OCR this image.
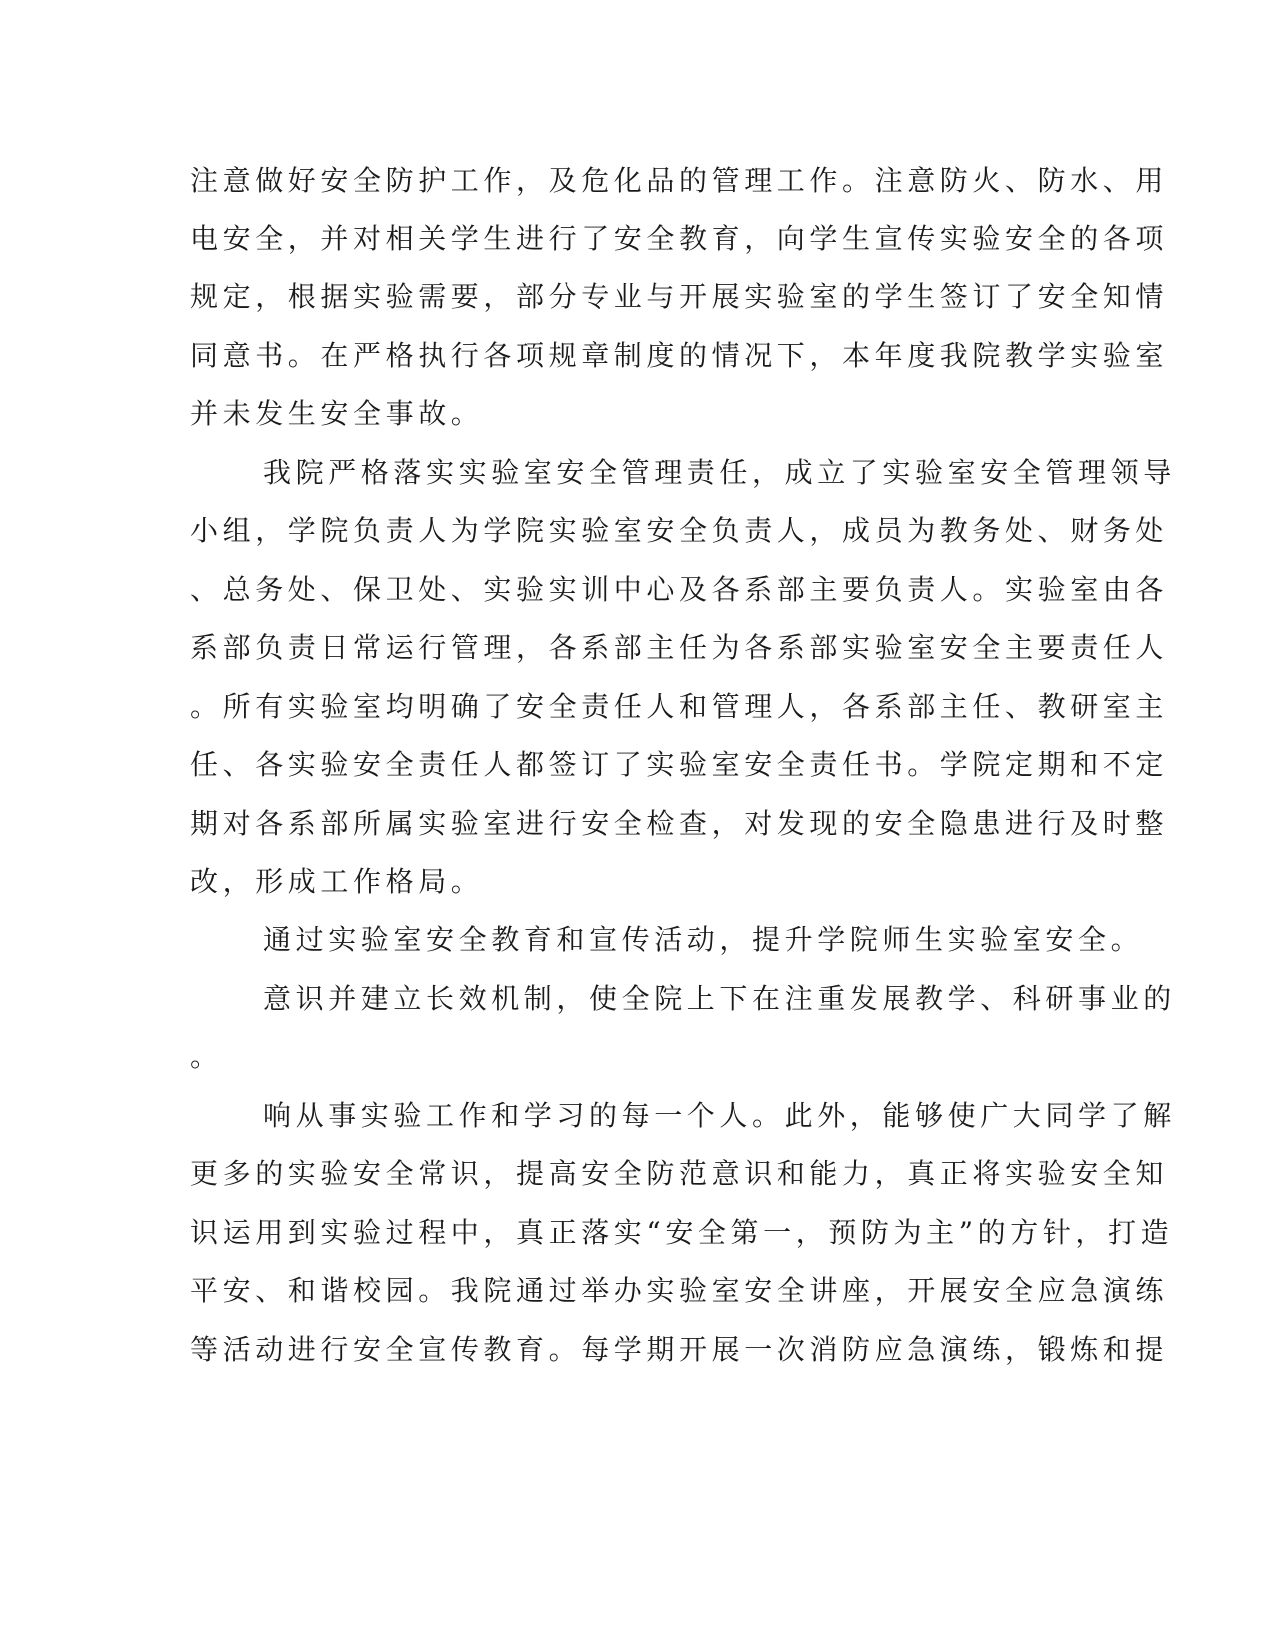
注意做好安全防护工作，及危化品的管理工作。注意防火、防水、用
电安全，并对相关学生进行了安全教育，向学生宣传实验安全的各项
规定，根据实验需要，部分专业与开展实验室的学生签订了安全知情
同意书。在严格执行各项规章制度的情况下，本年度我院教学实验室
并未发生安全事故。
我院严格落实实验室安全管理责任，成立了实验室安全管理领导
小组，学院负责人为学院实验室安全负责人，成员为教务处、财务处
、总务处、保卫处、实验实训中心及各系部主要负责人。实验室由各
系部负责日常运行管理，各系部主任为各系部实验室安全主要责任人
。所有实验室均明确了安全责任人和管理人，各系部主任、教研室主
任、各实验安全责任人都签订了实验室安全责任书。学院定期和不定
期对各系部所属实验室进行安全检查，对发现的安全隐患进行及时整
改，形成工作格局。
通过实验室安全教育和宣传活动，提升学院师生实验室安全。
意识并建立长效机制，使全院上下在注重发展教学、科研事业的
。
响从事实验工作和学习的每一个人。此外，能够使广大同学了解
更多的实验安全常识，提高安全防范意识和能力，真正将实验安全知
识运用到实验过程中，真正落实“安全第一，预防为主”的方针，打造
平安、和谐校园。我院通过举办实验室安全讲座，开展安全应急演练
等活动进行安全宣传教育。每学期开展一次消防应急演练，锻炼和提
